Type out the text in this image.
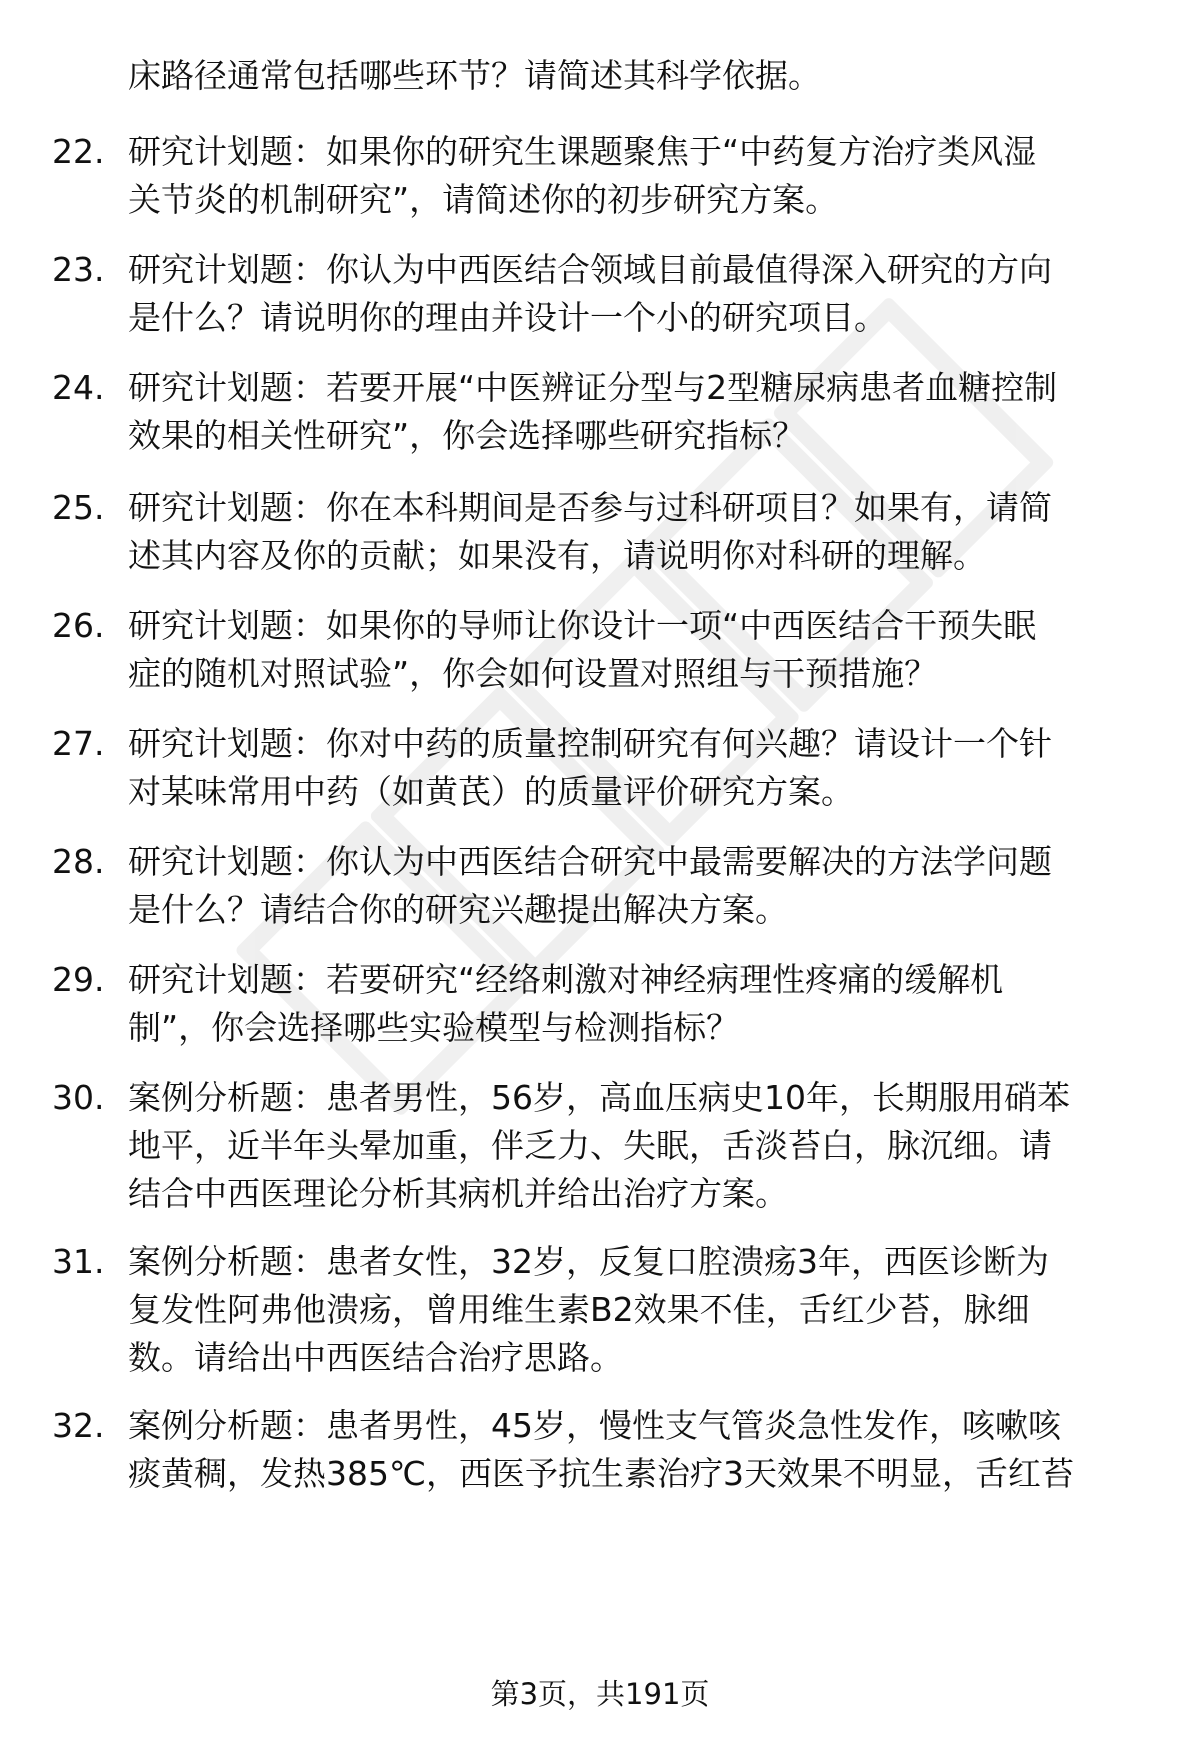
床路径通常包括哪些环节？请简述其科学依据。
22. 研究计划题：如果你的研究生课题聚焦于“中药复方治疗类风湿
关节炎的机制研究”，请简述你的初步研究方案。
23. 研究计划题：你认为中西医结合领域目前最值得深入研究的方向
是什么？请说明你的理由并设计一个小的研究项目。
24. 研究计划题：若要开展“中医辨证分型与2型糖尿病患者血糖控制
效果的相关性研究”，你会选择哪些研究指标？
25. 研究计划题：你在本科期间是否参与过科研项目？如果有，请简
述其内容及你的贡献；如果没有，请说明你对科研的理解。
26. 研究计划题：如果你的导师让你设计一项“中西医结合干预失眠
症的随机对照试验”，你会如何设置对照组与干预措施？
27. 研究计划题：你对中药的质量控制研究有何兴趣？请设计一个针
对某味常用中药（如黄芪）的质量评价研究方案。
28. 研究计划题：你认为中西医结合研究中最需要解决的方法学问题
是什么？请结合你的研究兴趣提出解决方案。
29. 研究计划题：若要研究“经络刺激对神经病理性疼痛的缓解机
制”，你会选择哪些实验模型与检测指标？
30. 案例分析题：患者男性，56岁，高血压病史10年，长期服用硝苯
地平，近半年头晕加重，伴乏力、失眠，舌淡苔白，脉沉细。请
结合中西医理论分析其病机并给出治疗方案。
31. 案例分析题：患者女性，32岁，反复口腔溃疡3年，西医诊断为
复发性阿弗他溃疡，曾用维生素B2效果不佳，舌红少苔，脉细
数。请给出中西医结合治疗思路。
32. 案例分析题：患者男性，45岁，慢性支气管炎急性发作，咳嗽咳
痰黄稠，发热385℃，西医予抗生素治疗3天效果不明显，舌红苔
第3页，共191页
